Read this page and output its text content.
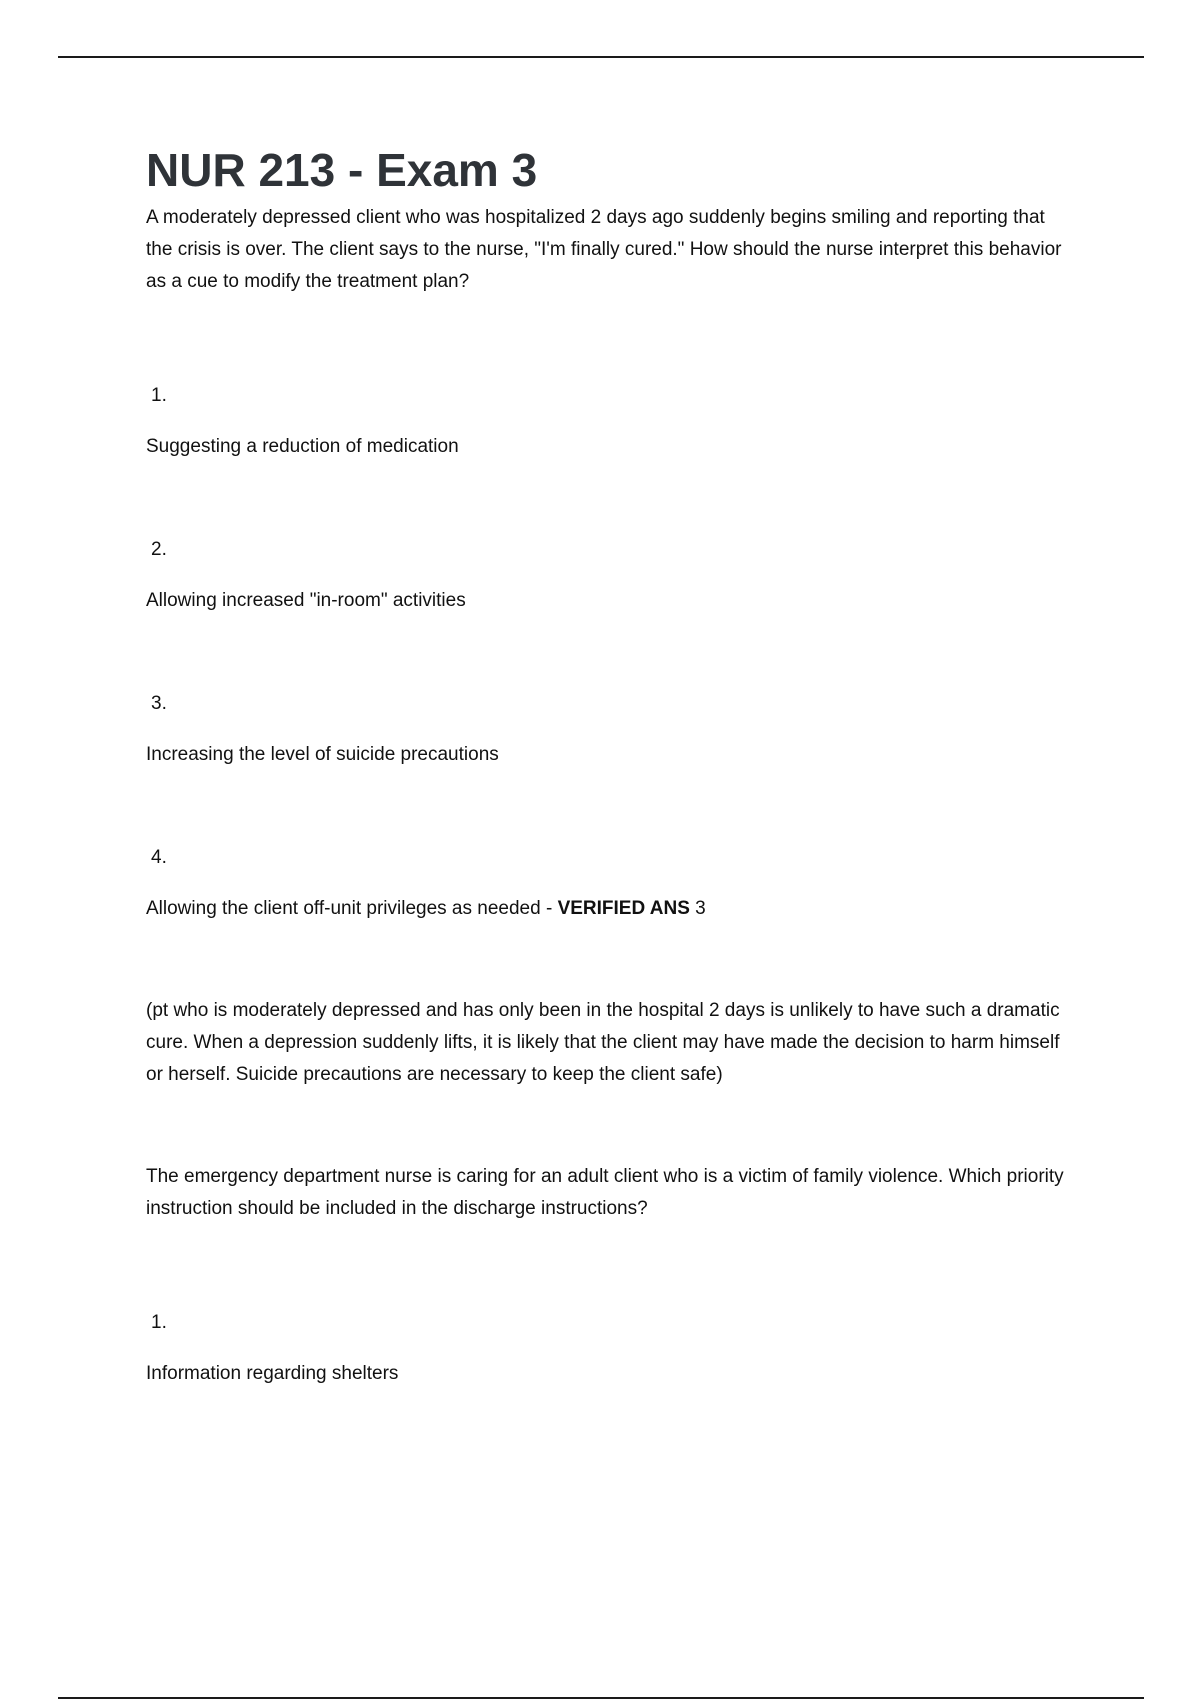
NUR 213 - Exam 3

A moderately depressed client who was hospitalized 2 days ago suddenly begins smiling and reporting that the crisis is over. The client says to the nurse, "I'm finally cured." How should the nurse interpret this behavior as a cue to modify the treatment plan?

1.

Suggesting a reduction of medication

2.

Allowing increased "in-room" activities

3.

Increasing the level of suicide precautions

4.

Allowing the client off-unit privileges as needed - VERIFIED ANS 3

(pt who is moderately depressed and has only been in the hospital 2 days is unlikely to have such a dramatic cure. When a depression suddenly lifts, it is likely that the client may have made the decision to harm himself or herself. Suicide precautions are necessary to keep the client safe)

The emergency department nurse is caring for an adult client who is a victim of family violence. Which priority instruction should be included in the discharge instructions?

1.

Information regarding shelters
